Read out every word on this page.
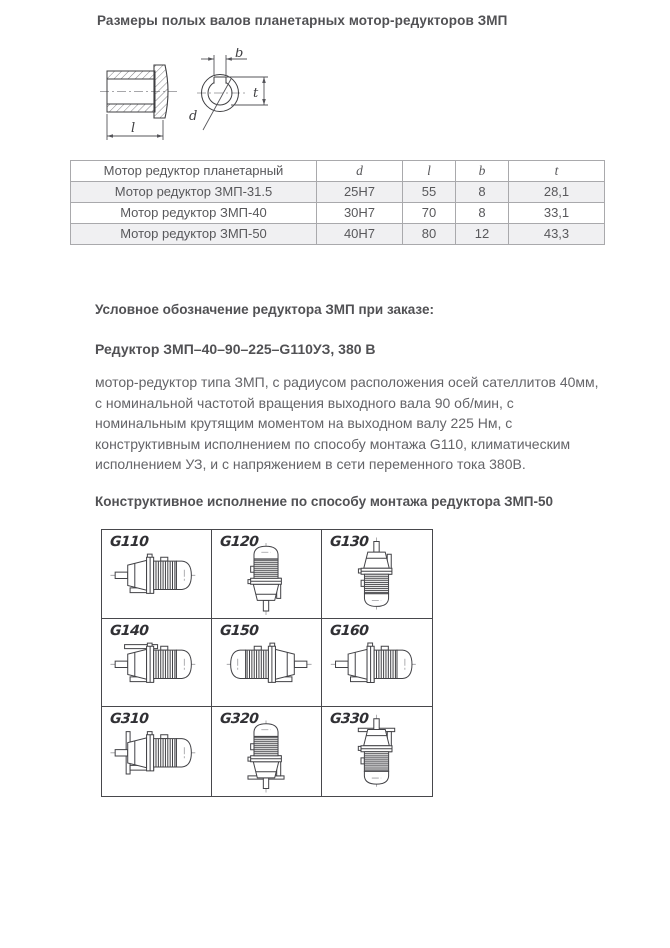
Размеры полых валов планетарных мотор-редукторов ЗМП
l
b
t
d
Мотор редуктор планетарный	d	l	b	t
Мотор редуктор ЗМП-31.5	25H7	55	8	28,1
Мотор редуктор ЗМП-40	30H7	70	8	33,1
Мотор редуктор ЗМП-50	40H7	80	12	43,3
Условное обозначение редуктора ЗМП при заказе:
Редуктор ЗМП–40–90–225–G110УЗ, 380 В

мотор-редуктор типа ЗМП, с радиусом расположения осей сателлитов 40мм, с номинальной частотой вращения выходного вала 90 об/мин, с номинальным крутящим моментом на выходном валу 225 Нм, с конструктивным исполнением по способу монтажа G110, климатическим исполнением УЗ, и с напряжением в сети переменного тока 380В.

Конструктивное исполнение по способу монтажа редуктора ЗМП-50
G110	G120	G130
G140	G150	G160
G310	G320	G330
